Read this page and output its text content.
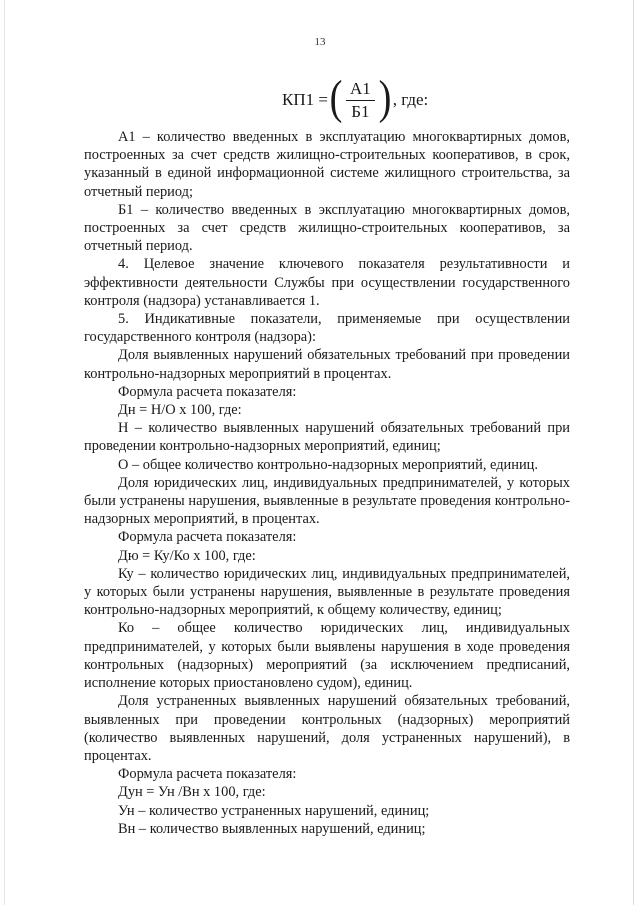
13
КП1 = ( $\frac{А1}{Б1}$ ) , где:

А1 – количество введенных в эксплуатацию многоквартирных домов, построенных за счет средств жилищно-строительных кооперативов, в срок, указанный в единой информационной системе жилищного строительства, за отчетный период;

Б1 – количество введенных в эксплуатацию многоквартирных домов, построенных за счет средств жилищно-строительных кооперативов, за отчетный период.

4. Целевое значение ключевого показателя результативности и эффективности деятельности Службы при осуществлении государственного контроля (надзора) устанавливается 1.

5. Индикативные показатели, применяемые при осуществлении государственного контроля (надзора):

Доля выявленных нарушений обязательных требований при проведении контрольно-надзорных мероприятий в процентах.

Формула расчета показателя:

Дн = Н/О х 100, где:

Н – количество выявленных нарушений обязательных требований при проведении контрольно-надзорных мероприятий, единиц;

О – общее количество контрольно-надзорных мероприятий, единиц.

Доля юридических лиц, индивидуальных предпринимателей, у которых были устранены нарушения, выявленные в результате проведения контрольно-надзорных мероприятий, в процентах.

Формула расчета показателя:

Дю = Ку/Ко х 100, где:

Ку – количество юридических лиц, индивидуальных предпринимателей, у которых были устранены нарушения, выявленные в результате проведения контрольно-надзорных мероприятий, к общему количеству, единиц;

Ко – общее количество юридических лиц, индивидуальных предпринимателей, у которых были выявлены нарушения в ходе проведения контрольных (надзорных) мероприятий (за исключением предписаний, исполнение которых приостановлено судом), единиц.

Доля устраненных выявленных нарушений обязательных требований, выявленных при проведении контрольных (надзорных) мероприятий (количество выявленных нарушений, доля устраненных нарушений), в процентах.

Формула расчета показателя:

Дун = Ун /Вн х 100, где:

Ун – количество устраненных нарушений, единиц;

Вн – количество выявленных нарушений, единиц;
